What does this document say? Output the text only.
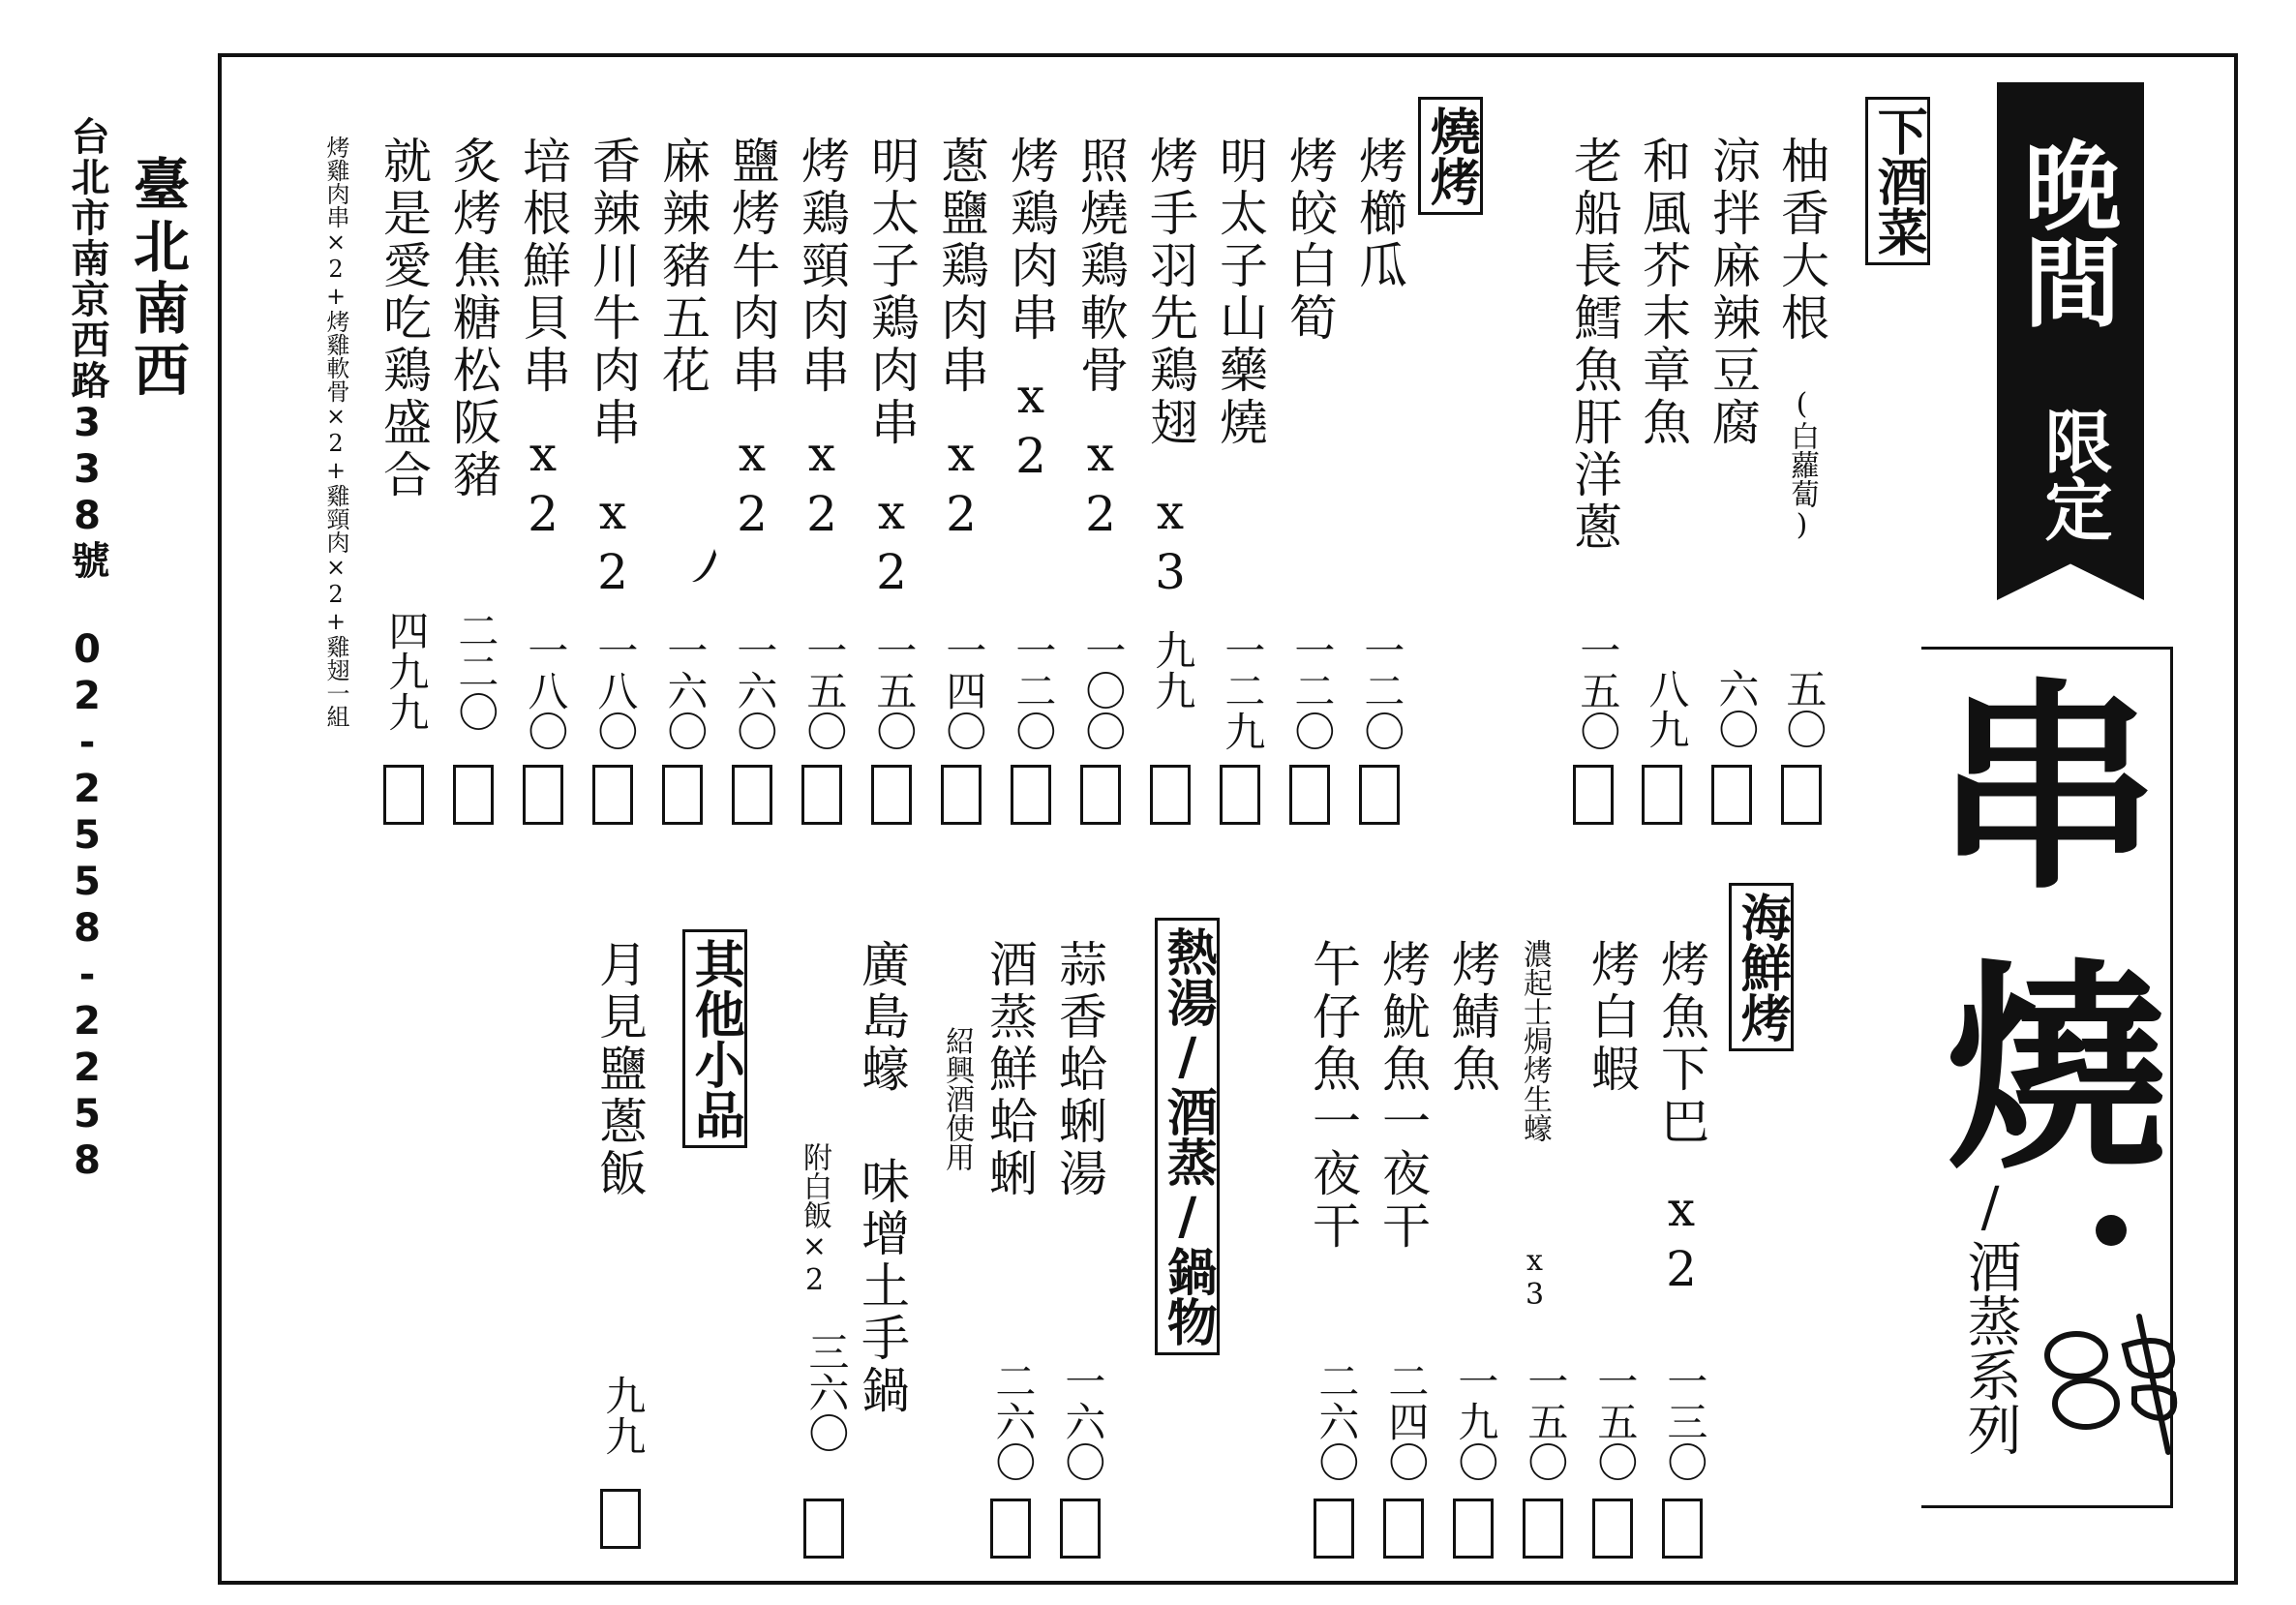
臺北南西
台北市南京西路338號 02-2558-2258	晚間
限定
串
燒
/酒蒸系列
下酒菜
燒烤
海鮮烤
熱湯/酒蒸/鍋物
其他小品
柚香大根
(白蘿蔔)
五〇
涼拌麻辣豆腐
六〇
和風芥末章魚
八九
老船長鱈魚肝洋蔥
一五〇
烤櫛瓜
一二〇
烤皎白筍
一二〇
明太子山藥燒
一二九
烤手羽先鶏翅
x3
九九
照燒鶏軟骨
x2
一〇〇
烤鶏肉串
x2
一二〇
蔥鹽鶏肉串
x2
一四〇
明太子鶏肉串
x2
一五〇
烤鶏頸肉串
x2
一五〇
鹽烤牛肉串
x2
一六〇
麻辣豬五花
一六〇
香辣川牛肉串
x2
一八〇
培根鮮貝串
x2
一八〇
炙烤焦糖松阪豬
二二〇
就是愛吃鶏盛合
四九九
烤雞肉串×2+烤雞軟骨×2+雞頸肉×2+雞翅一組
烤魚下巴
x2
一三〇
烤白蝦
一五〇
濃起士焗烤生蠔
x3
一五〇
烤鯖魚
一九〇
烤魷魚一夜干
二四〇
午仔魚一夜干
二六〇
蒜香蛤蜊湯
一六〇
酒蒸鮮蛤蜊
紹興酒使用
二六〇
廣島蠔 味增土手鍋
附白飯×2
三六〇
月見鹽蔥飯
九九
